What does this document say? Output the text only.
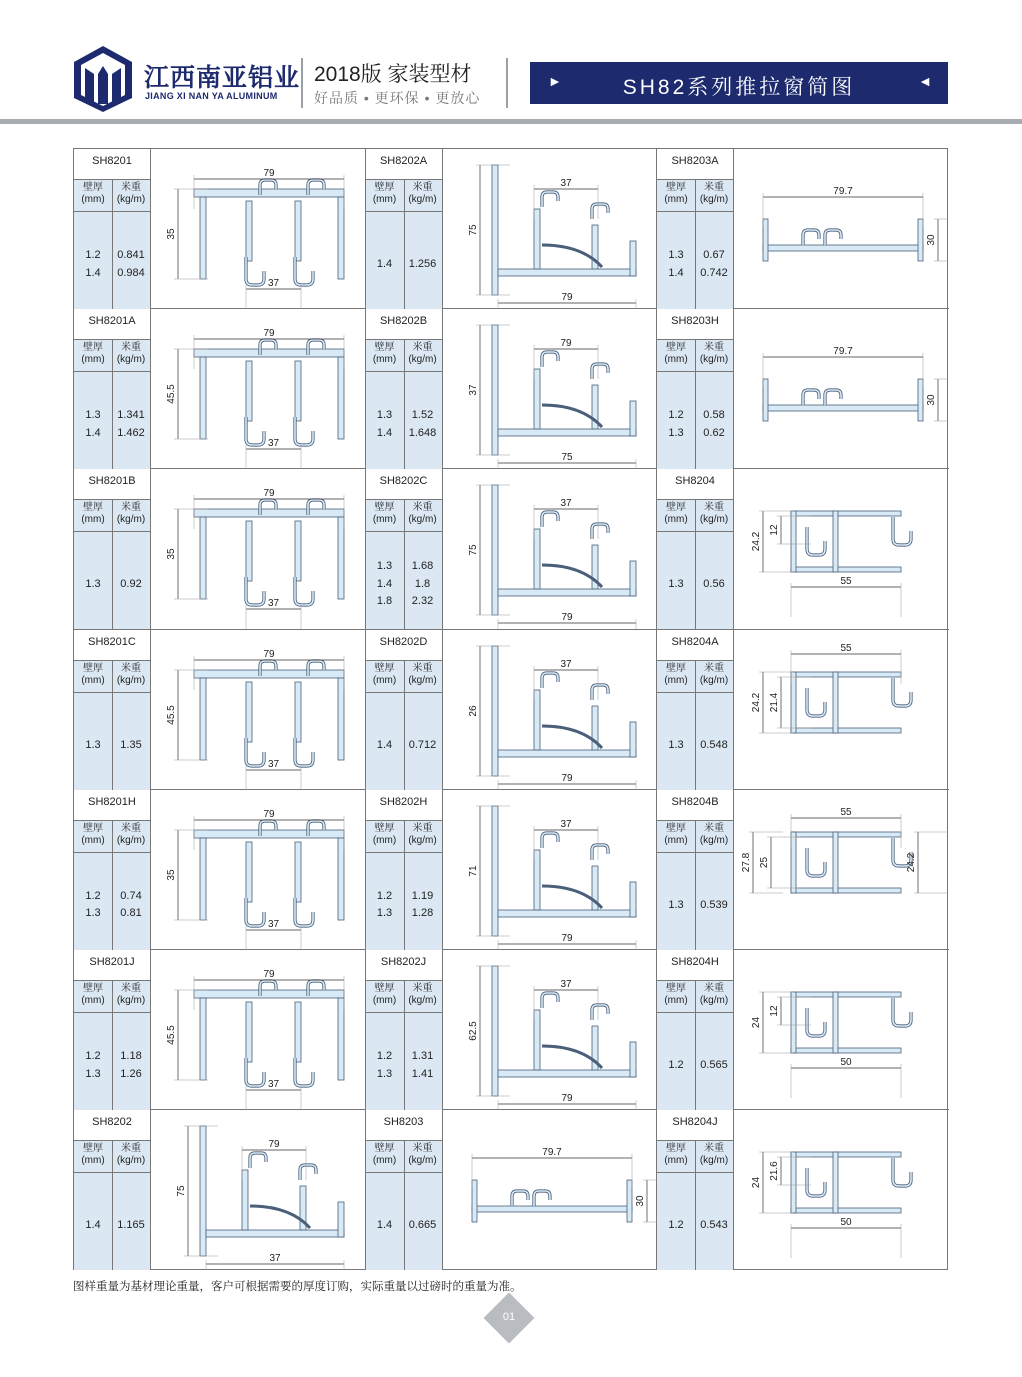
江西南亚铝业
JIANG XI NAN YA ALUMINUM
2018版 家装型材
好品质 • 更环保 • 更放心
►	SH82系列推拉窗简图	◄
SH8201
壁厚
(mm)
米重
(kg/m)
1.2	0.841
1.4	0.984
79
35
37
SH8201A
壁厚
(mm)
米重
(kg/m)
1.3	1.341
1.4	1.462
79
45.5
37
SH8201B
壁厚
(mm)
米重
(kg/m)
1.3	0.92
79
35
37
SH8201C
壁厚
(mm)
米重
(kg/m)
1.3	1.35
79
45.5
37
SH8201H
壁厚
(mm)
米重
(kg/m)
1.2	0.74
1.3	0.81
79
35
37
SH8201J
壁厚
(mm)
米重
(kg/m)
1.2	1.18
1.3	1.26
79
45.5
37
SH8202
壁厚
(mm)
米重
(kg/m)
1.4	1.165
79
75
37
SH8202A
壁厚
(mm)
米重
(kg/m)
1.4	1.256
37
75
79
SH8202B
壁厚
(mm)
米重
(kg/m)
1.3	1.52
1.4	1.648
79
37
75
SH8202C
壁厚
(mm)
米重
(kg/m)
1.3	1.68
1.4	1.8
1.8	2.32
37
75
79
SH8202D
壁厚
(mm)
米重
(kg/m)
1.4	0.712
37
26
79
SH8202H
壁厚
(mm)
米重
(kg/m)
1.2	1.19
1.3	1.28
37
71
79
SH8202J
壁厚
(mm)
米重
(kg/m)
1.2	1.31
1.3	1.41
37
62.5
79
SH8203
壁厚
(mm)
米重
(kg/m)
1.4	0.665
79.7
30
SH8203A
壁厚
(mm)
米重
(kg/m)
1.3	0.67
1.4	0.742
79.7
30
SH8203H
壁厚
(mm)
米重
(kg/m)
1.2	0.58
1.3	0.62
79.7
30
SH8204
壁厚
(mm)
米重
(kg/m)
1.3	0.56
24.2
12
55
SH8204A
壁厚
(mm)
米重
(kg/m)
1.3	0.548
55
24.2 21.4
SH8204B
壁厚
(mm)
米重
(kg/m)
1.3	0.539
55
27.8 25	24.2
SH8204H
壁厚
(mm)
米重
(kg/m)
1.2	0.565
24
12
50
SH8204J
壁厚
(mm)
米重
(kg/m)
1.2	0.543
24
21.6
50
图样重量为基材理论重量，客户可根据需要的厚度订购，实际重量以过磅时的重量为准。
01
